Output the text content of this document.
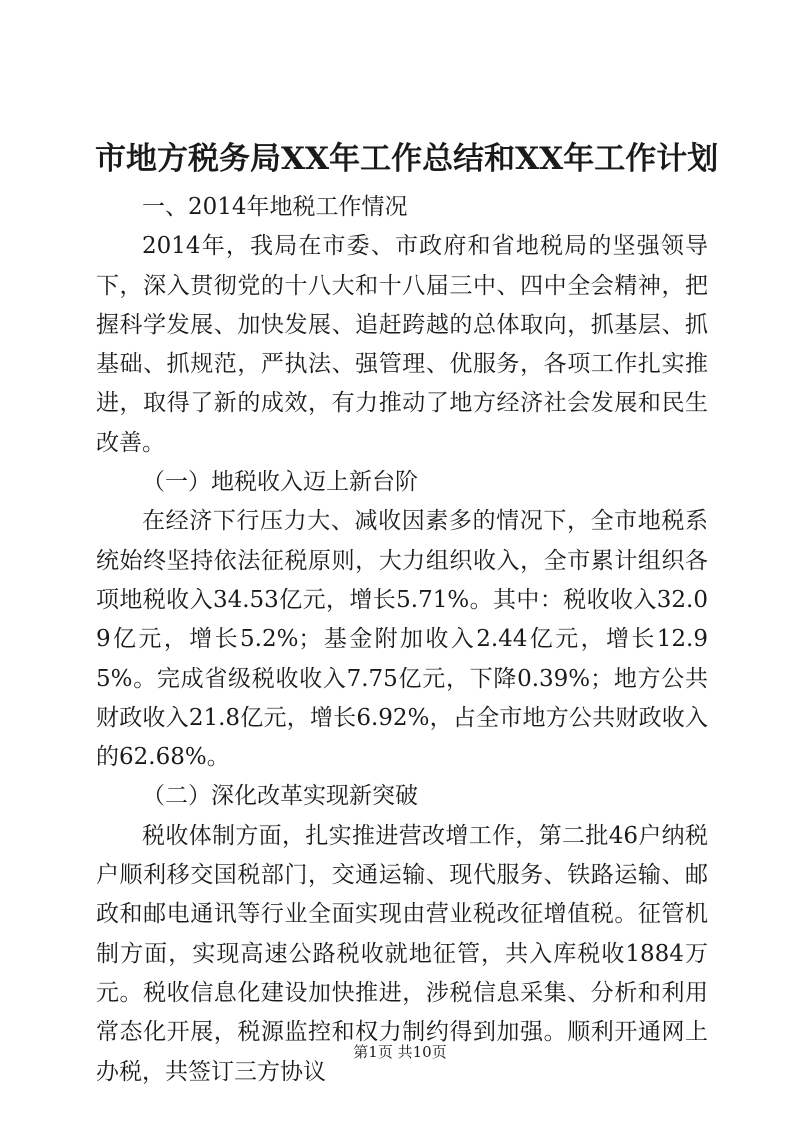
市地方税务局XX年工作总结和XX年工作计划

一、2014年地税工作情况

2014年，我局在市委、市政府和省地税局的坚强领导下，深入贯彻党的十八大和十八届三中、四中全会精神，把握科学发展、加快发展、追赶跨越的总体取向，抓基层、抓基础、抓规范，严执法、强管理、优服务，各项工作扎实推进，取得了新的成效，有力推动了地方经济社会发展和民生改善。

（一）地税收入迈上新台阶

在经济下行压力大、减收因素多的情况下，全市地税系统始终坚持依法征税原则，大力组织收入，全市累计组织各项地税收入34.53亿元，增长5.71%。其中：税收收入32.09亿元，增长5.2%；基金附加收入2.44亿元，增长12.95%。完成省级税收收入7.75亿元，下降0.39%；地方公共财政收入21.8亿元，增长6.92%，占全市地方公共财政收入的62.68%。

（二）深化改革实现新突破

税收体制方面，扎实推进营改增工作，第二批46户纳税户顺利移交国税部门，交通运输、现代服务、铁路运输、邮政和邮电通讯等行业全面实现由营业税改征增值税。征管机制方面，实现高速公路税收就地征管，共入库税收1884万元。税收信息化建设加快推进，涉税信息采集、分析和利用常态化开展，税源监控和权力制约得到加强。顺利开通网上办税，共签订三方协议

第1页 共10页
